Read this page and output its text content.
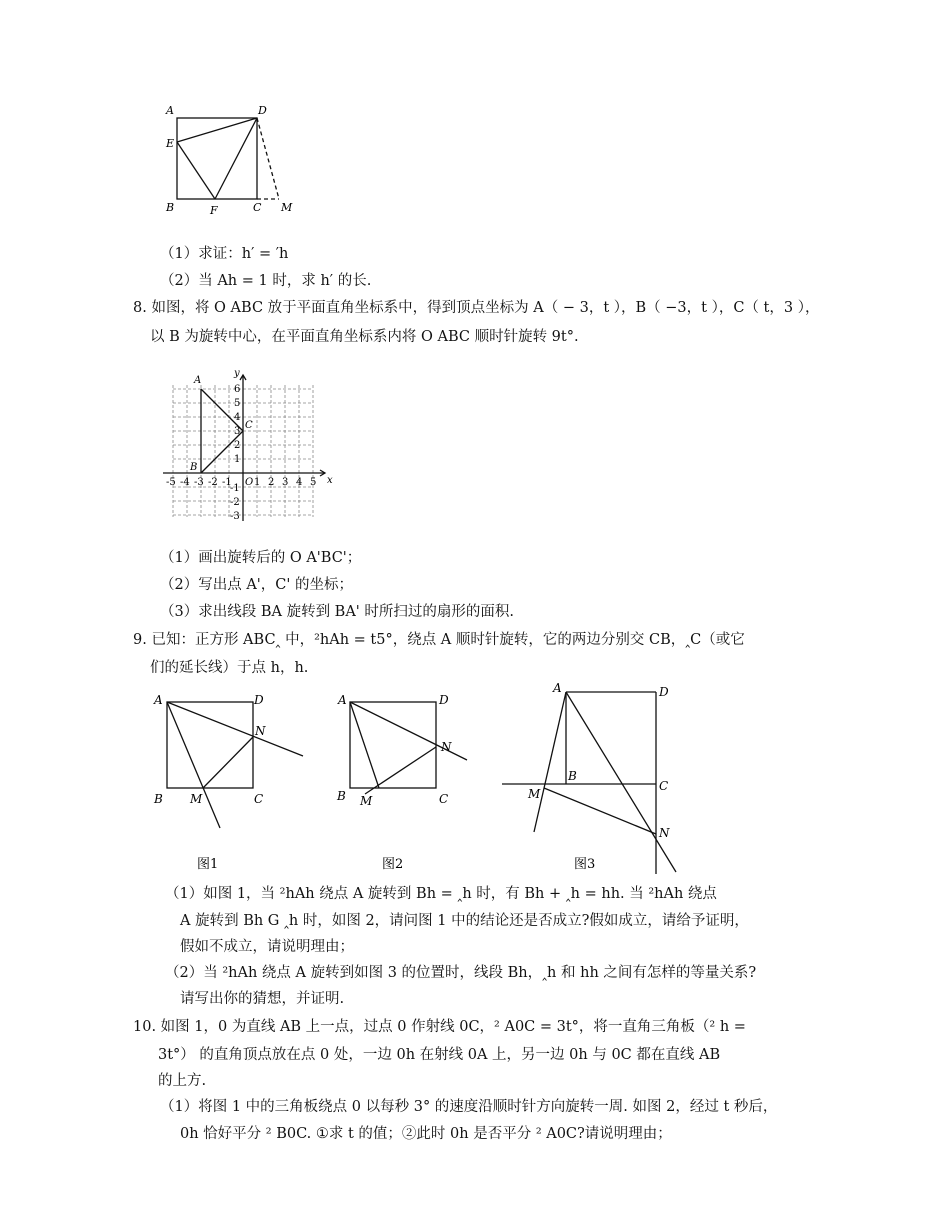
A	D
E
B	F	C M
（1）求证：h′ = ′h
（2）当 Ah = 1 时，求 h′ 的长.
8. 如图，将 O ABC 放于平面直角坐标系中，得到顶点坐标为 A（ − 3，t ），B（ −3，t ），C（ t，3 ），
以 B 为旋转中心，在平面直角坐标系内将 O ABC 顺时针旋转 9t°.
x
y
O
A
B
C
-5 -4 -3 -2 -1 1 2 3 4 5
6
5
4
3
2
1
-1
-2
-3
（1）画出旋转后的 O A'BC'；
（2）写出点 A'，C' 的坐标；
（3）求出线段 BA 旋转到 BA' 时所扫过的扇形的面积.
9. 已知：正方形 ABC‸ 中，²hAh = t5°，绕点 A 顺时针旋转，它的两边分别交 CB，‸C（或它
们的延长线）于点 h，h.
A	D
B	C
M
N
图1
A	D
B	C
M
N
图2
A	D
B
C
M
N
图3
（1）如图 1，当 ²hAh 绕点 A 旋转到 Bh = ‸h 时，有 Bh + ‸h = hh. 当 ²hAh 绕点
A 旋转到 Bh G ‸h 时，如图 2，请问图 1 中的结论还是否成立?假如成立，请给予证明，
假如不成立，请说明理由；
（2）当 ²hAh 绕点 A 旋转到如图 3 的位置时，线段 Bh，‸h 和 hh 之间有怎样的等量关系?
请写出你的猜想，并证明.
10. 如图 1，0 为直线 AB 上一点，过点 0 作射线 0C，² A0C = 3t°，将一直角三角板（² h =
3t°） 的直角顶点放在点 0 处，一边 0h 在射线 0A 上，另一边 0h 与 0C 都在直线 AB
的上方.
（1）将图 1 中的三角板绕点 0 以每秒 3° 的速度沿顺时针方向旋转一周. 如图 2，经过 t 秒后，
0h 恰好平分 ² B0C. ①求 t 的值；②此时 0h 是否平分 ² A0C?请说明理由；
